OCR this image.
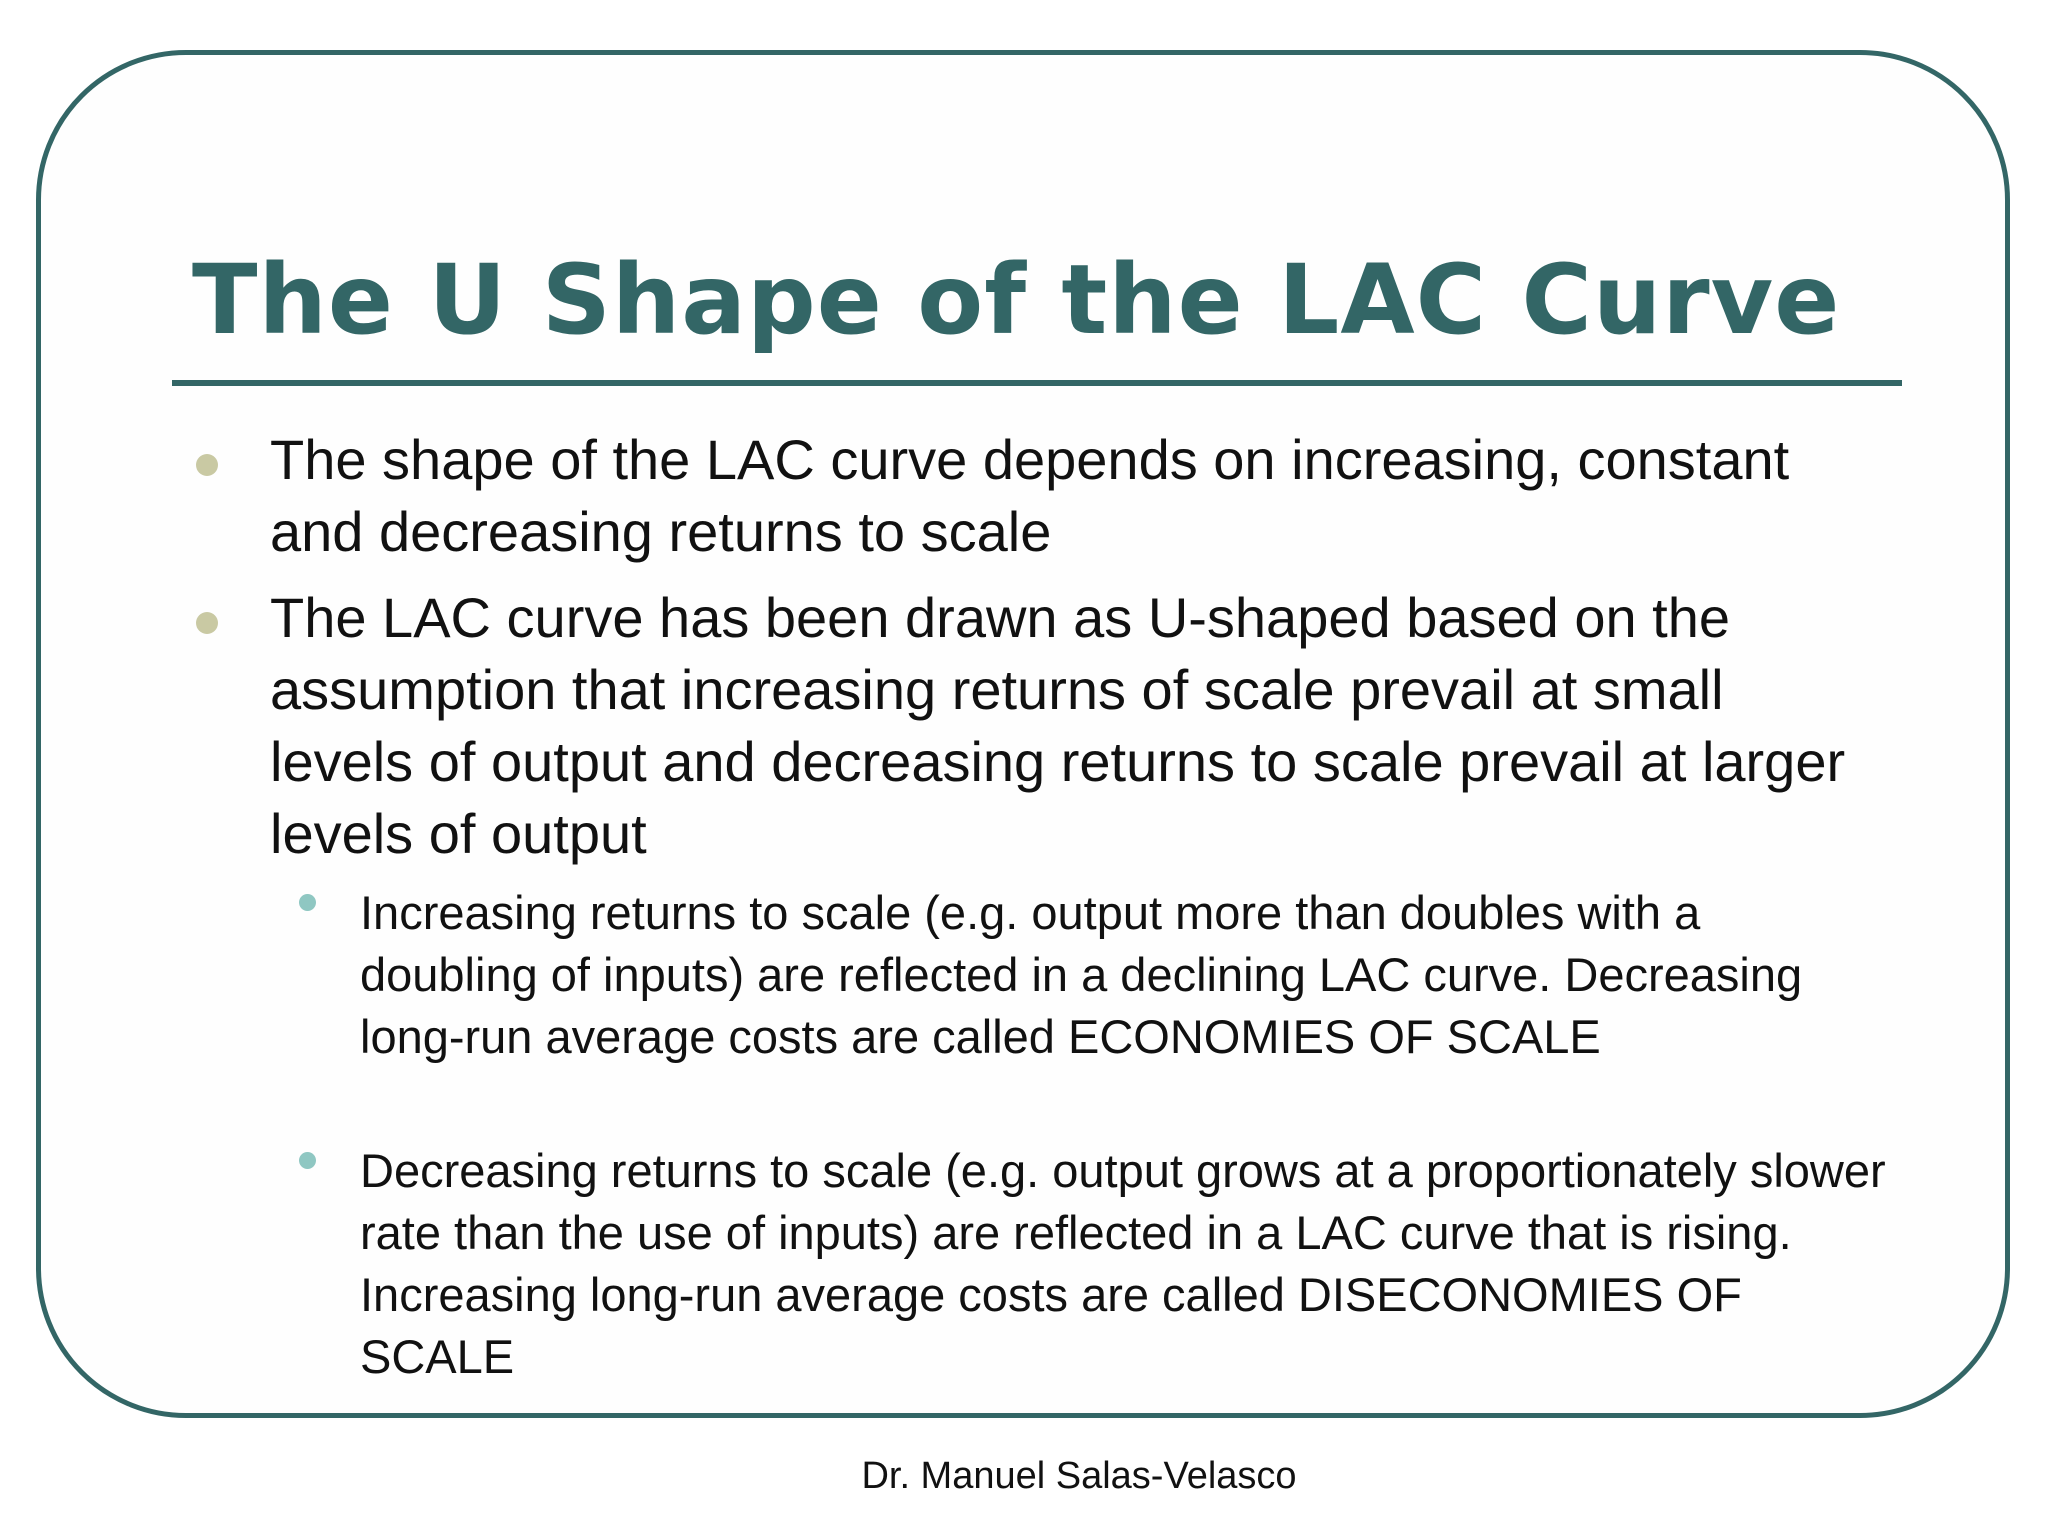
The U Shape of the LAC Curve
The shape of the LAC curve depends on increasing, constant and decreasing returns to scale
The LAC curve has been drawn as U-shaped based on the assumption that increasing returns of scale prevail at small levels of output and decreasing returns to scale prevail at larger levels of output
Increasing returns to scale (e.g. output more than doubles with a doubling of inputs) are reflected in a declining LAC curve. Decreasing long-run average costs are called ECONOMIES OF SCALE
Decreasing returns to scale (e.g. output grows at a proportionately slower rate than the use of inputs) are reflected in a LAC curve that is rising. Increasing long-run average costs are called DISECONOMIES OF SCALE
Dr. Manuel Salas-Velasco
